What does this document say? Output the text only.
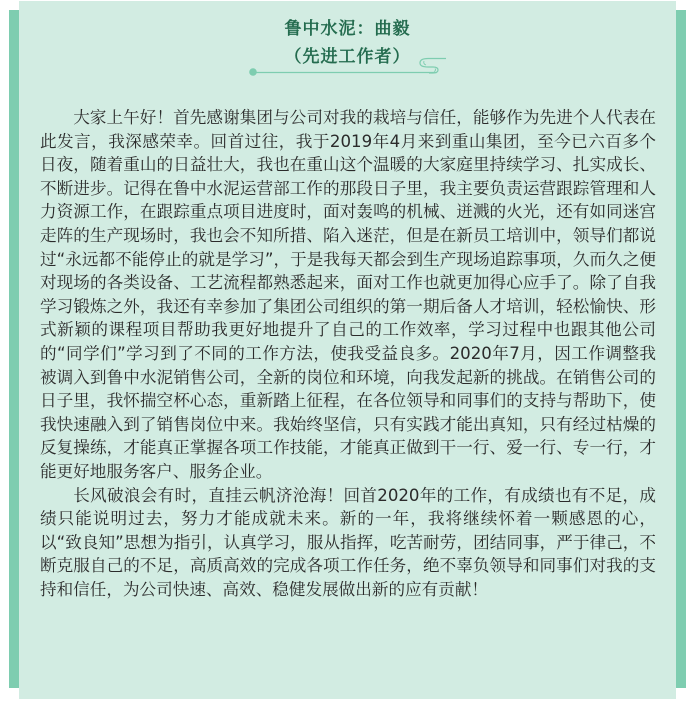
鲁中水泥：曲毅
（先进工作者）

大家上午好！首先感谢集团与公司对我的栽培与信任，能够作为先进个人代表在此发言，我深感荣幸。回首过往，我于2019年4月来到重山集团，至今已六百多个日夜，随着重山的日益壮大，我也在重山这个温暖的大家庭里持续学习、扎实成长、不断进步。记得在鲁中水泥运营部工作的那段日子里，我主要负责运营跟踪管理和人力资源工作，在跟踪重点项目进度时，面对轰鸣的机械、迸溅的火光，还有如同迷宫走阵的生产现场时，我也会不知所措、陷入迷茫，但是在新员工培训中，领导们都说过“永远都不能停止的就是学习”，于是我每天都会到生产现场追踪事项，久而久之便对现场的各类设备、工艺流程都熟悉起来，面对工作也就更加得心应手了。除了自我学习锻炼之外，我还有幸参加了集团公司组织的第一期后备人才培训，轻松愉快、形式新颖的课程项目帮助我更好地提升了自己的工作效率，学习过程中也跟其他公司的“同学们”学习到了不同的工作方法，使我受益良多。2020年7月，因工作调整我被调入到鲁中水泥销售公司，全新的岗位和环境，向我发起新的挑战。在销售公司的日子里，我怀揣空杯心态，重新踏上征程，在各位领导和同事们的支持与帮助下，使我快速融入到了销售岗位中来。我始终坚信，只有实践才能出真知，只有经过枯燥的反复操练，才能真正掌握各项工作技能，才能真正做到干一行、爱一行、专一行，才能更好地服务客户、服务企业。

长风破浪会有时，直挂云帆济沧海！回首2020年的工作，有成绩也有不足，成绩只能说明过去，努力才能成就未来。新的一年，我将继续怀着一颗感恩的心，以“致良知”思想为指引，认真学习，服从指挥，吃苦耐劳，团结同事，严于律己，不断克服自己的不足，高质高效的完成各项工作任务，绝不辜负领导和同事们对我的支持和信任，为公司快速、高效、稳健发展做出新的应有贡献！
